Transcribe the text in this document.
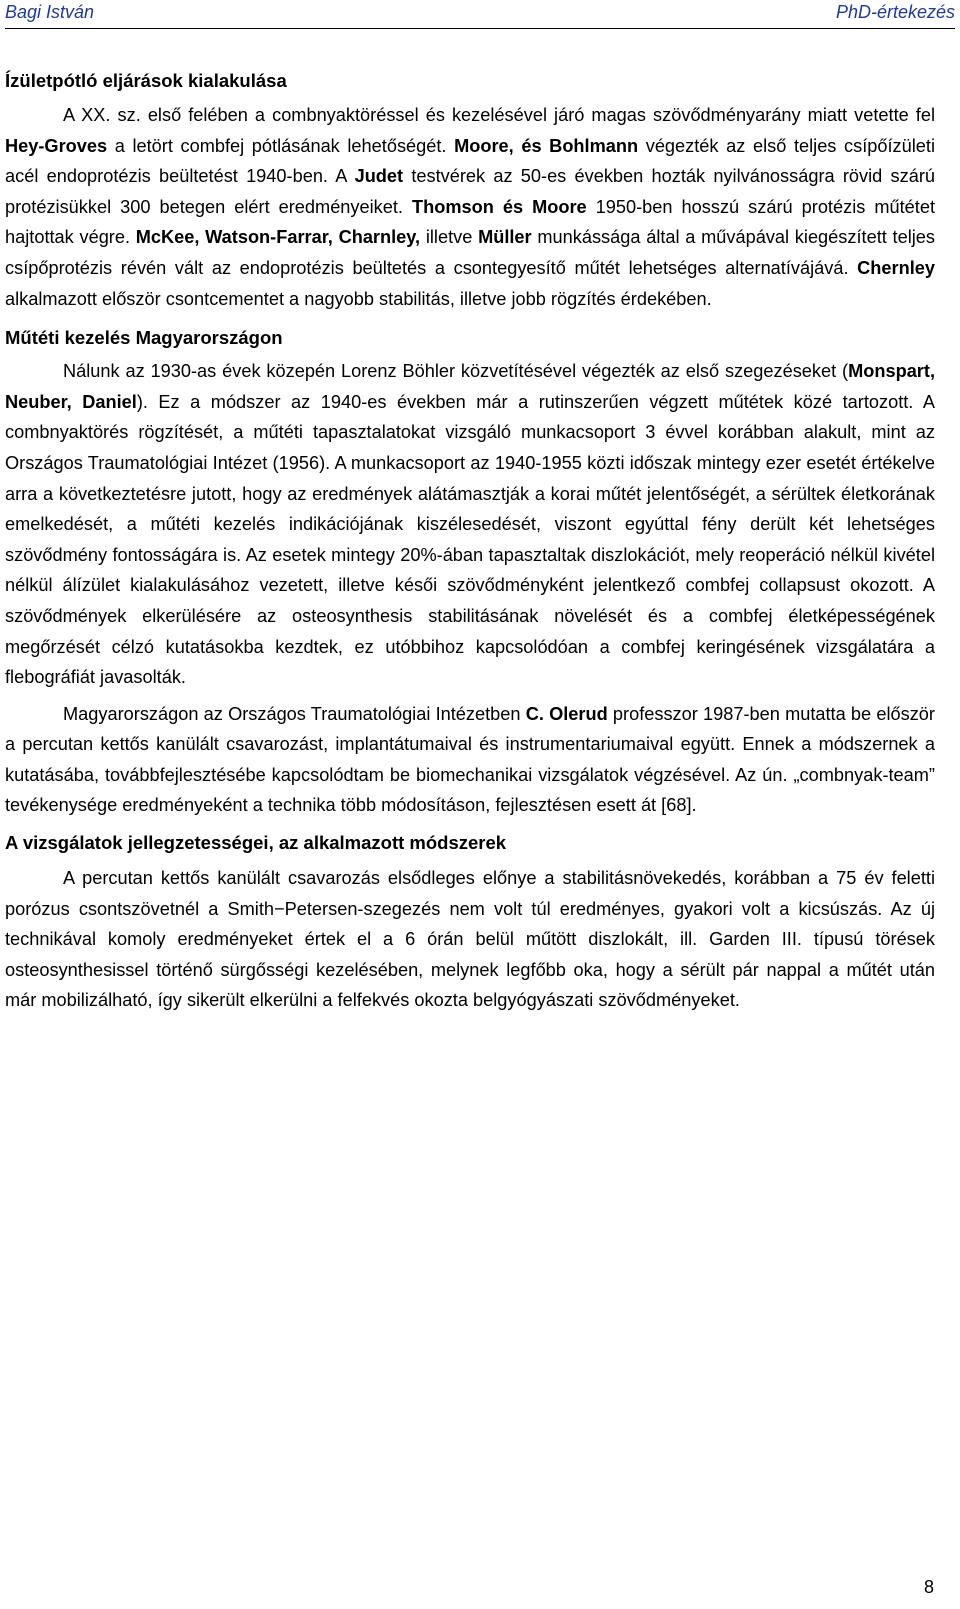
Bagi István	PhD-értekezés
Ízületpótló eljárások kialakulása

A XX. sz. első felében a combnyaktöréssel és kezelésével járó magas szövődményarány miatt vetette fel Hey-Groves a letört combfej pótlásának lehetőségét. Moore, és Bohlmann végezték az első teljes csípőízületi acél endoprotézis beültetést 1940-ben. A Judet testvérek az 50-es években hozták nyilvánosságra rövid szárú protézisükkel 300 betegen elért eredményeiket. Thomson és Moore 1950-ben hosszú szárú protézis műtétet hajtottak végre. McKee, Watson-Farrar, Charnley, illetve Müller munkássága által a művápával kiegészített teljes csípőprotézis révén vált az endoprotézis beültetés a csontegyesítő műtét lehetséges alternatívájává. Chernley alkalmazott először csontcementet a nagyobb stabilitás, illetve jobb rögzítés érdekében.

Műtéti kezelés Magyarországon

Nálunk az 1930-as évek közepén Lorenz Böhler közvetítésével végezték az első szegezéseket (Monspart, Neuber, Daniel). Ez a módszer az 1940-es években már a rutinszerűen végzett műtétek közé tartozott. A combnyaktörés rögzítését, a műtéti tapasztalatokat vizsgáló munkacsoport 3 évvel korábban alakult, mint az Országos Traumatológiai Intézet (1956). A munkacsoport az 1940-1955 közti időszak mintegy ezer esetét értékelve arra a következtetésre jutott, hogy az eredmények alátámasztják a korai műtét jelentőségét, a sérültek életkorának emelkedését, a műtéti kezelés indikációjának kiszélesedését, viszont egyúttal fény derült két lehetséges szövődmény fontosságára is. Az esetek mintegy 20%-ában tapasztaltak diszlokációt, mely reoperáció nélkül kivétel nélkül álízület kialakulásához vezetett, illetve késői szövődményként jelentkező combfej collapsust okozott. A szövődmények elkerülésére az osteosynthesis stabilitásának növelését és a combfej életképességének megőrzését célzó kutatásokba kezdtek, ez utóbbihoz kapcsolódóan a combfej keringésének vizsgálatára a flebográfiát javasolták.

Magyarországon az Országos Traumatológiai Intézetben C. Olerud professzor 1987-ben mutatta be először a percutan kettős kanülált csavarozást, implantátumaival és instrumentariumaival együtt. Ennek a módszernek a kutatásába, továbbfejlesztésébe kapcsolódtam be biomechanikai vizsgálatok végzésével. Az ún. „combnyak-team” tevékenysége eredményeként a technika több módosításon, fejlesztésen esett át [68].

A vizsgálatok jellegzetességei, az alkalmazott módszerek

A percutan kettős kanülált csavarozás elsődleges előnye a stabilitásnövekedés, korábban a 75 év feletti porózus csontszövetnél a Smith−Petersen-szegezés nem volt túl eredményes, gyakori volt a kicsúszás. Az új technikával komoly eredményeket értek el a 6 órán belül műtött diszlokált, ill. Garden III. típusú törések osteosynthesissel történő sürgősségi kezelésében, melynek legfőbb oka, hogy a sérült pár nappal a műtét után már mobilizálható, így sikerült elkerülni a felfekvés okozta belgyógyászati szövődményeket.

8
